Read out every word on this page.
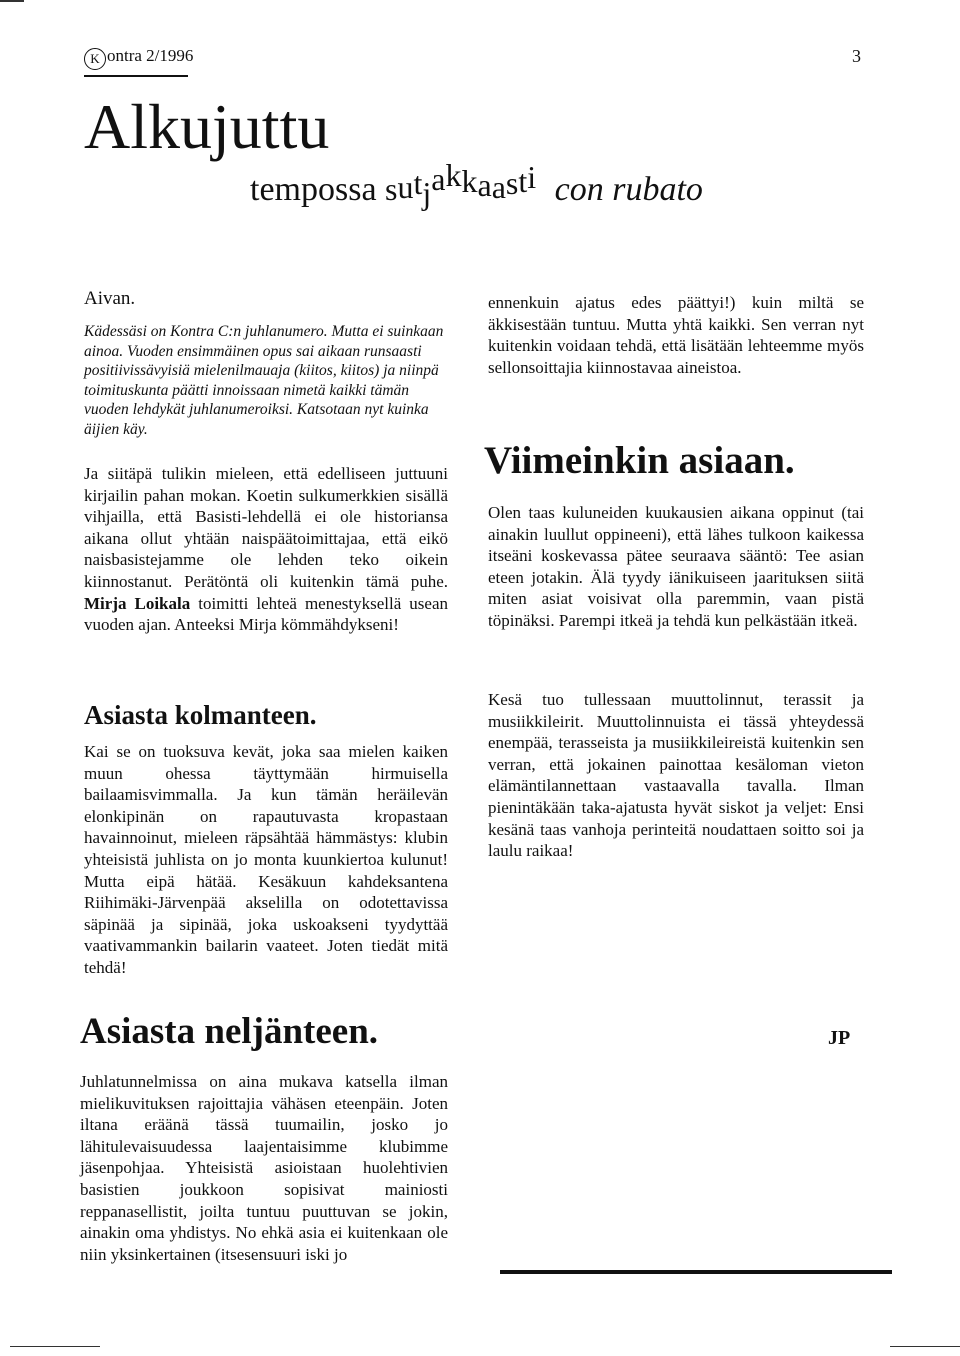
K ontra 2/1996	3
Alkujuttu
tempossa sutjakkaasti con rubato
Aivan.
Kädessäsi on Kontra C:n juhlanumero. Mutta ei suinkaan ainoa. Vuoden ensimmäinen opus sai aikaan runsaasti positiivissävyisiä mielenilmauaja (kiitos, kiitos) ja niinpä toimituskunta päätti innoissaan nimetä kaikki tämän vuoden lehdykät juhlanumeroiksi. Katsotaan nyt kuinka äijien käy.
Ja siitäpä tulikin mieleen, että edelliseen juttuuni kirjailin pahan mokan. Koetin sulkumerkkien sisällä vihjailla, että Basisti-lehdellä ei ole historiansa aikana ollut yhtään naispäätoimittajaa, että eikö naisbasistejamme ole lehden teko oikein kiinnostanut. Perätöntä oli kuitenkin tämä puhe. Mirja Loikala toimitti lehteä menestyksellä usean vuoden ajan. Anteeksi Mirja kömmähdykseni!
Asiasta kolmanteen.
Kai se on tuoksuva kevät, joka saa mielen kaiken muun ohessa täyttymään hirmuisella bailaamisvimmalla. Ja kun tämän heräilevän elonkipinän on rapautuvasta kropastaan havainnoinut, mieleen räpsähtää hämmästys: klubin yhteisistä juhlista on jo monta kuunkiertoa kulunut! Mutta eipä hätää. Kesäkuun kahdeksantena Riihimäki-Järvenpää akselilla on odotettavissa säpinää ja sipinää, joka uskoakseni tyydyttää vaativammankin bailarin vaateet. Joten tiedät mitä tehdä!
Asiasta neljänteen.	JP
Juhlatunnelmissa on aina mukava katsella ilman mielikuvituksen rajoittajia vähäsen eteenpäin. Joten iltana eräänä tässä tuumailin, josko jo lähitulevaisuudessa laajentaisimme klubimme jäsenpohjaa. Yhteisistä asioistaan huolehtivien basistien joukkoon sopisivat mainiosti reppanasellistit, joilta tuntuu puuttuvan se jokin, ainakin oma yhdistys. No ehkä asia ei kuitenkaan ole niin yksinkertainen (itsesensuuri iski jo
ennenkuin ajatus edes päättyi!) kuin miltä se äkkisestään tuntuu. Mutta yhtä kaikki. Sen verran nyt kuitenkin voidaan tehdä, että lisätään lehteemme myös sellonsoittajia kiinnostavaa aineistoa.
Viimeinkin asiaan.
Olen taas kuluneiden kuukausien aikana oppinut (tai ainakin luullut oppineeni), että lähes tulkoon kaikessa itseäni koskevassa pätee seuraava sääntö: Tee asian eteen jotakin. Älä tyydy iänikuiseen jaarituksen siitä miten asiat voisivat olla paremmin, vaan pistä töpinäksi. Parempi itkeä ja tehdä kun pelkästään itkeä.
Kesä tuo tullessaan muuttolinnut, terassit ja musiikkileirit. Muuttolinnuista ei tässä yhteydessä enempää, terasseista ja musiikkileireistä kuitenkin sen verran, että jokainen painottaa kesäloman vieton elämäntilannettaan vastaavalla tavalla. Ilman pienintäkään taka-ajatusta hyvät siskot ja veljet: Ensi kesänä taas vanhoja perinteitä noudattaen soitto soi ja laulu raikaa!
